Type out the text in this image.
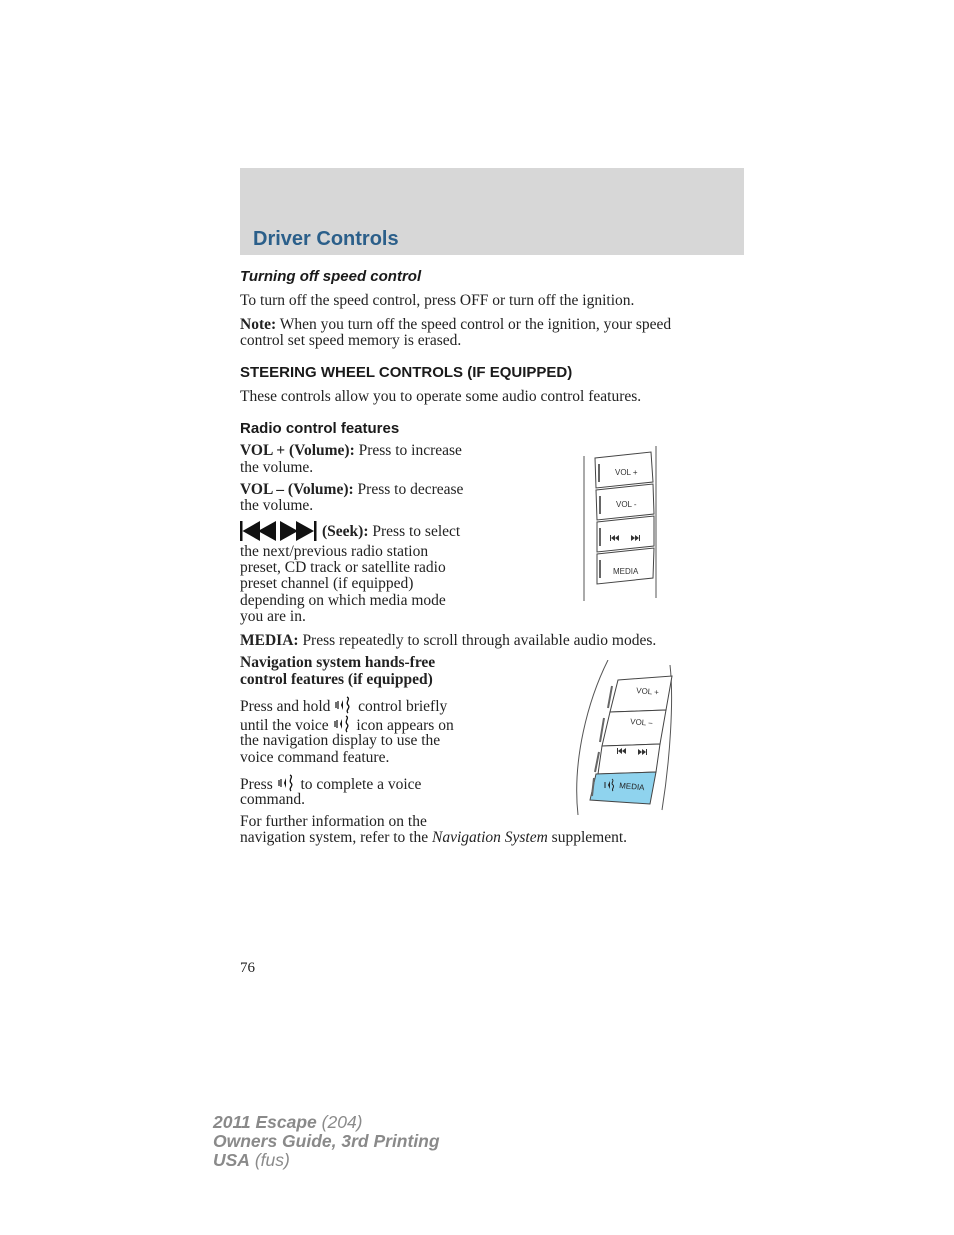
Driver Controls
Turning off speed control
To turn off the speed control, press OFF or turn off the ignition.
Note: When you turn off the speed control or the ignition, your speed
control set speed memory is erased.
STEERING WHEEL CONTROLS (IF EQUIPPED)
These controls allow you to operate some audio control features.
Radio control features
VOL + (Volume): Press to increase
the volume.
VOL – (Volume): Press to decrease
the volume.
(Seek): Press to select
the next/previous radio station
preset, CD track or satellite radio
preset channel (if equipped)
depending on which media mode
you are in.
MEDIA: Press repeatedly to scroll through available audio modes.
VOL +
VOL -
MEDIA
Navigation system hands-free
control features (if equipped)
Press and hold  control briefly
until the voice  icon appears on
the navigation display to use the
voice command feature.
Press  to complete a voice
command.
For further information on the
navigation system, refer to the Navigation System supplement.
VOL +
VOL −
MEDIA
76
2011 Escape (204)
Owners Guide, 3rd Printing
USA (fus)
